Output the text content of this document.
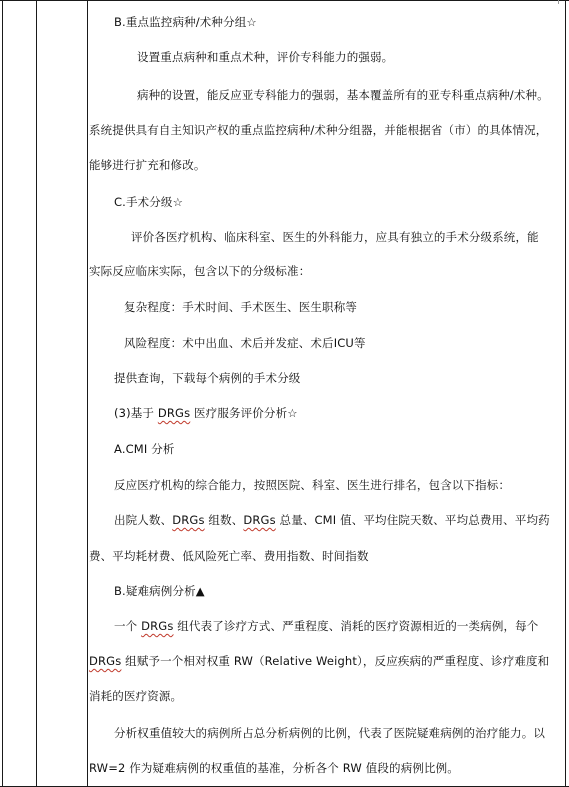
B.重点监控病种/术种分组☆
设置重点病种和重点术种，评价专科能力的强弱。
病种的设置，能反应亚专科能力的强弱，基本覆盖所有的亚专科重点病种/术种。
系统提供具有自主知识产权的重点监控病种/术种分组器，并能根据省（市）的具体情况，
能够进行扩充和修改。
C.手术分级☆
评价各医疗机构、临床科室、医生的外科能力，应具有独立的手术分级系统，能
实际反应临床实际，包含以下的分级标准：
复杂程度：手术时间、手术医生、医生职称等
风险程度：术中出血、术后并发症、术后ICU等
提供查询，下载每个病例的手术分级
(3)基于 DRGs 医疗服务评价分析☆
A.CMI 分析
反应医疗机构的综合能力，按照医院、科室、医生进行排名，包含以下指标：
出院人数、DRGs 组数、DRGs 总量、CMI 值、平均住院天数、平均总费用、平均药
费、平均耗材费、低风险死亡率、费用指数、时间指数
B.疑难病例分析▲
一个 DRGs 组代表了诊疗方式、严重程度、消耗的医疗资源相近的一类病例，每个
DRGs 组赋予一个相对权重 RW（Relative Weight），反应疾病的严重程度、诊疗难度和
消耗的医疗资源。
分析权重值较大的病例所占总分析病例的比例，代表了医院疑难病例的治疗能力。以
RW=2 作为疑难病例的权重值的基准，分析各个 RW 值段的病例比例。
